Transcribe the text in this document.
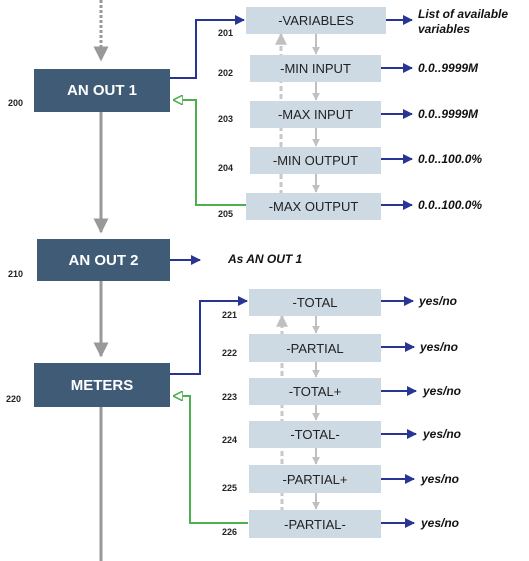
AN OUT 1
200
AN OUT 2
210
METERS
220
-VARIABLES
201
List of available variables
-MIN INPUT
202	0.0..9999M
-MAX INPUT
203	0.0..9999M
-MIN OUTPUT
204
0.0..100.0%
-MAX OUTPUT
205
0.0..100.0%
As AN OUT 1
-TOTAL
221
yes/no
-PARTIAL
222	yes/no
-TOTAL+
223	yes/no
-TOTAL-
224	yes/no
-PARTIAL+
225
yes/no
-PARTIAL-
226
yes/no
